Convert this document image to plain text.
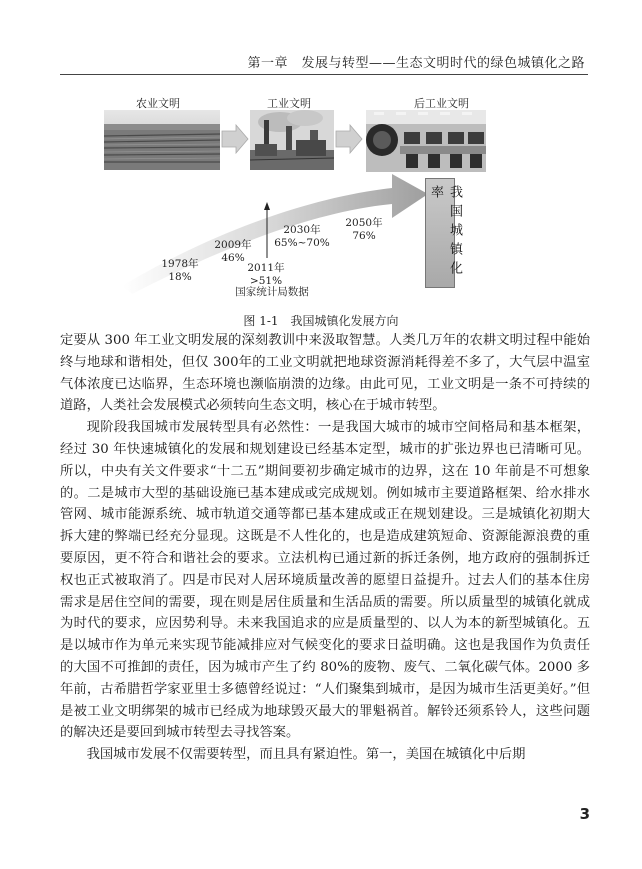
第一章　发展与转型——生态文明时代的绿色城镇化之路
农业文明	工业文明	后工业文明
1978年
18%
2009年
46%
2011年
>51%
2030年
65%~70%
2050年
76%
国家统计局数据
我国城镇化率
图 1-1　我国城镇化发展方向

定要从 300 年工业文明发展的深刻教训中来汲取智慧。人类几万年的农耕文明过程中能始终与地球和谐相处，但仅 300年的工业文明就把地球资源消耗得差不多了，大气层中温室气体浓度已达临界，生态环境也濒临崩溃的边缘。由此可见，工业文明是一条不可持续的道路，人类社会发展模式必须转向生态文明，核心在于城市转型。

现阶段我国城市发展转型具有必然性：一是我国大城市的城市空间格局和基本框架，经过 30 年快速城镇化的发展和规划建设已经基本定型，城市的扩张边界也已清晰可见。所以，中央有关文件要求“十二五”期间要初步确定城市的边界，这在 10 年前是不可想象的。二是城市大型的基础设施已基本建成或完成规划。例如城市主要道路框架、给水排水管网、城市能源系统、城市轨道交通等都已基本建成或正在规划建设。三是城镇化初期大拆大建的弊端已经充分显现。这既是不人性化的，也是造成建筑短命、资源能源浪费的重要原因，更不符合和谐社会的要求。立法机构已通过新的拆迁条例，地方政府的强制拆迁权也正式被取消了。四是市民对人居环境质量改善的愿望日益提升。过去人们的基本住房需求是居住空间的需要，现在则是居住质量和生活品质的需要。所以质量型的城镇化就成为时代的要求，应因势利导。未来我国追求的应是质量型的、以人为本的新型城镇化。五是以城市作为单元来实现节能减排应对气候变化的要求日益明确。这也是我国作为负责任的大国不可推卸的责任，因为城市产生了约 80%的废物、废气、二氧化碳气体。2000 多年前，古希腊哲学家亚里士多德曾经说过：“人们聚集到城市，是因为城市生活更美好。”但是被工业文明绑架的城市已经成为地球毁灭最大的罪魁祸首。解铃还须系铃人，这些问题的解决还是要回到城市转型去寻找答案。

我国城市发展不仅需要转型，而且具有紧迫性。第一，美国在城镇化中后期

3
